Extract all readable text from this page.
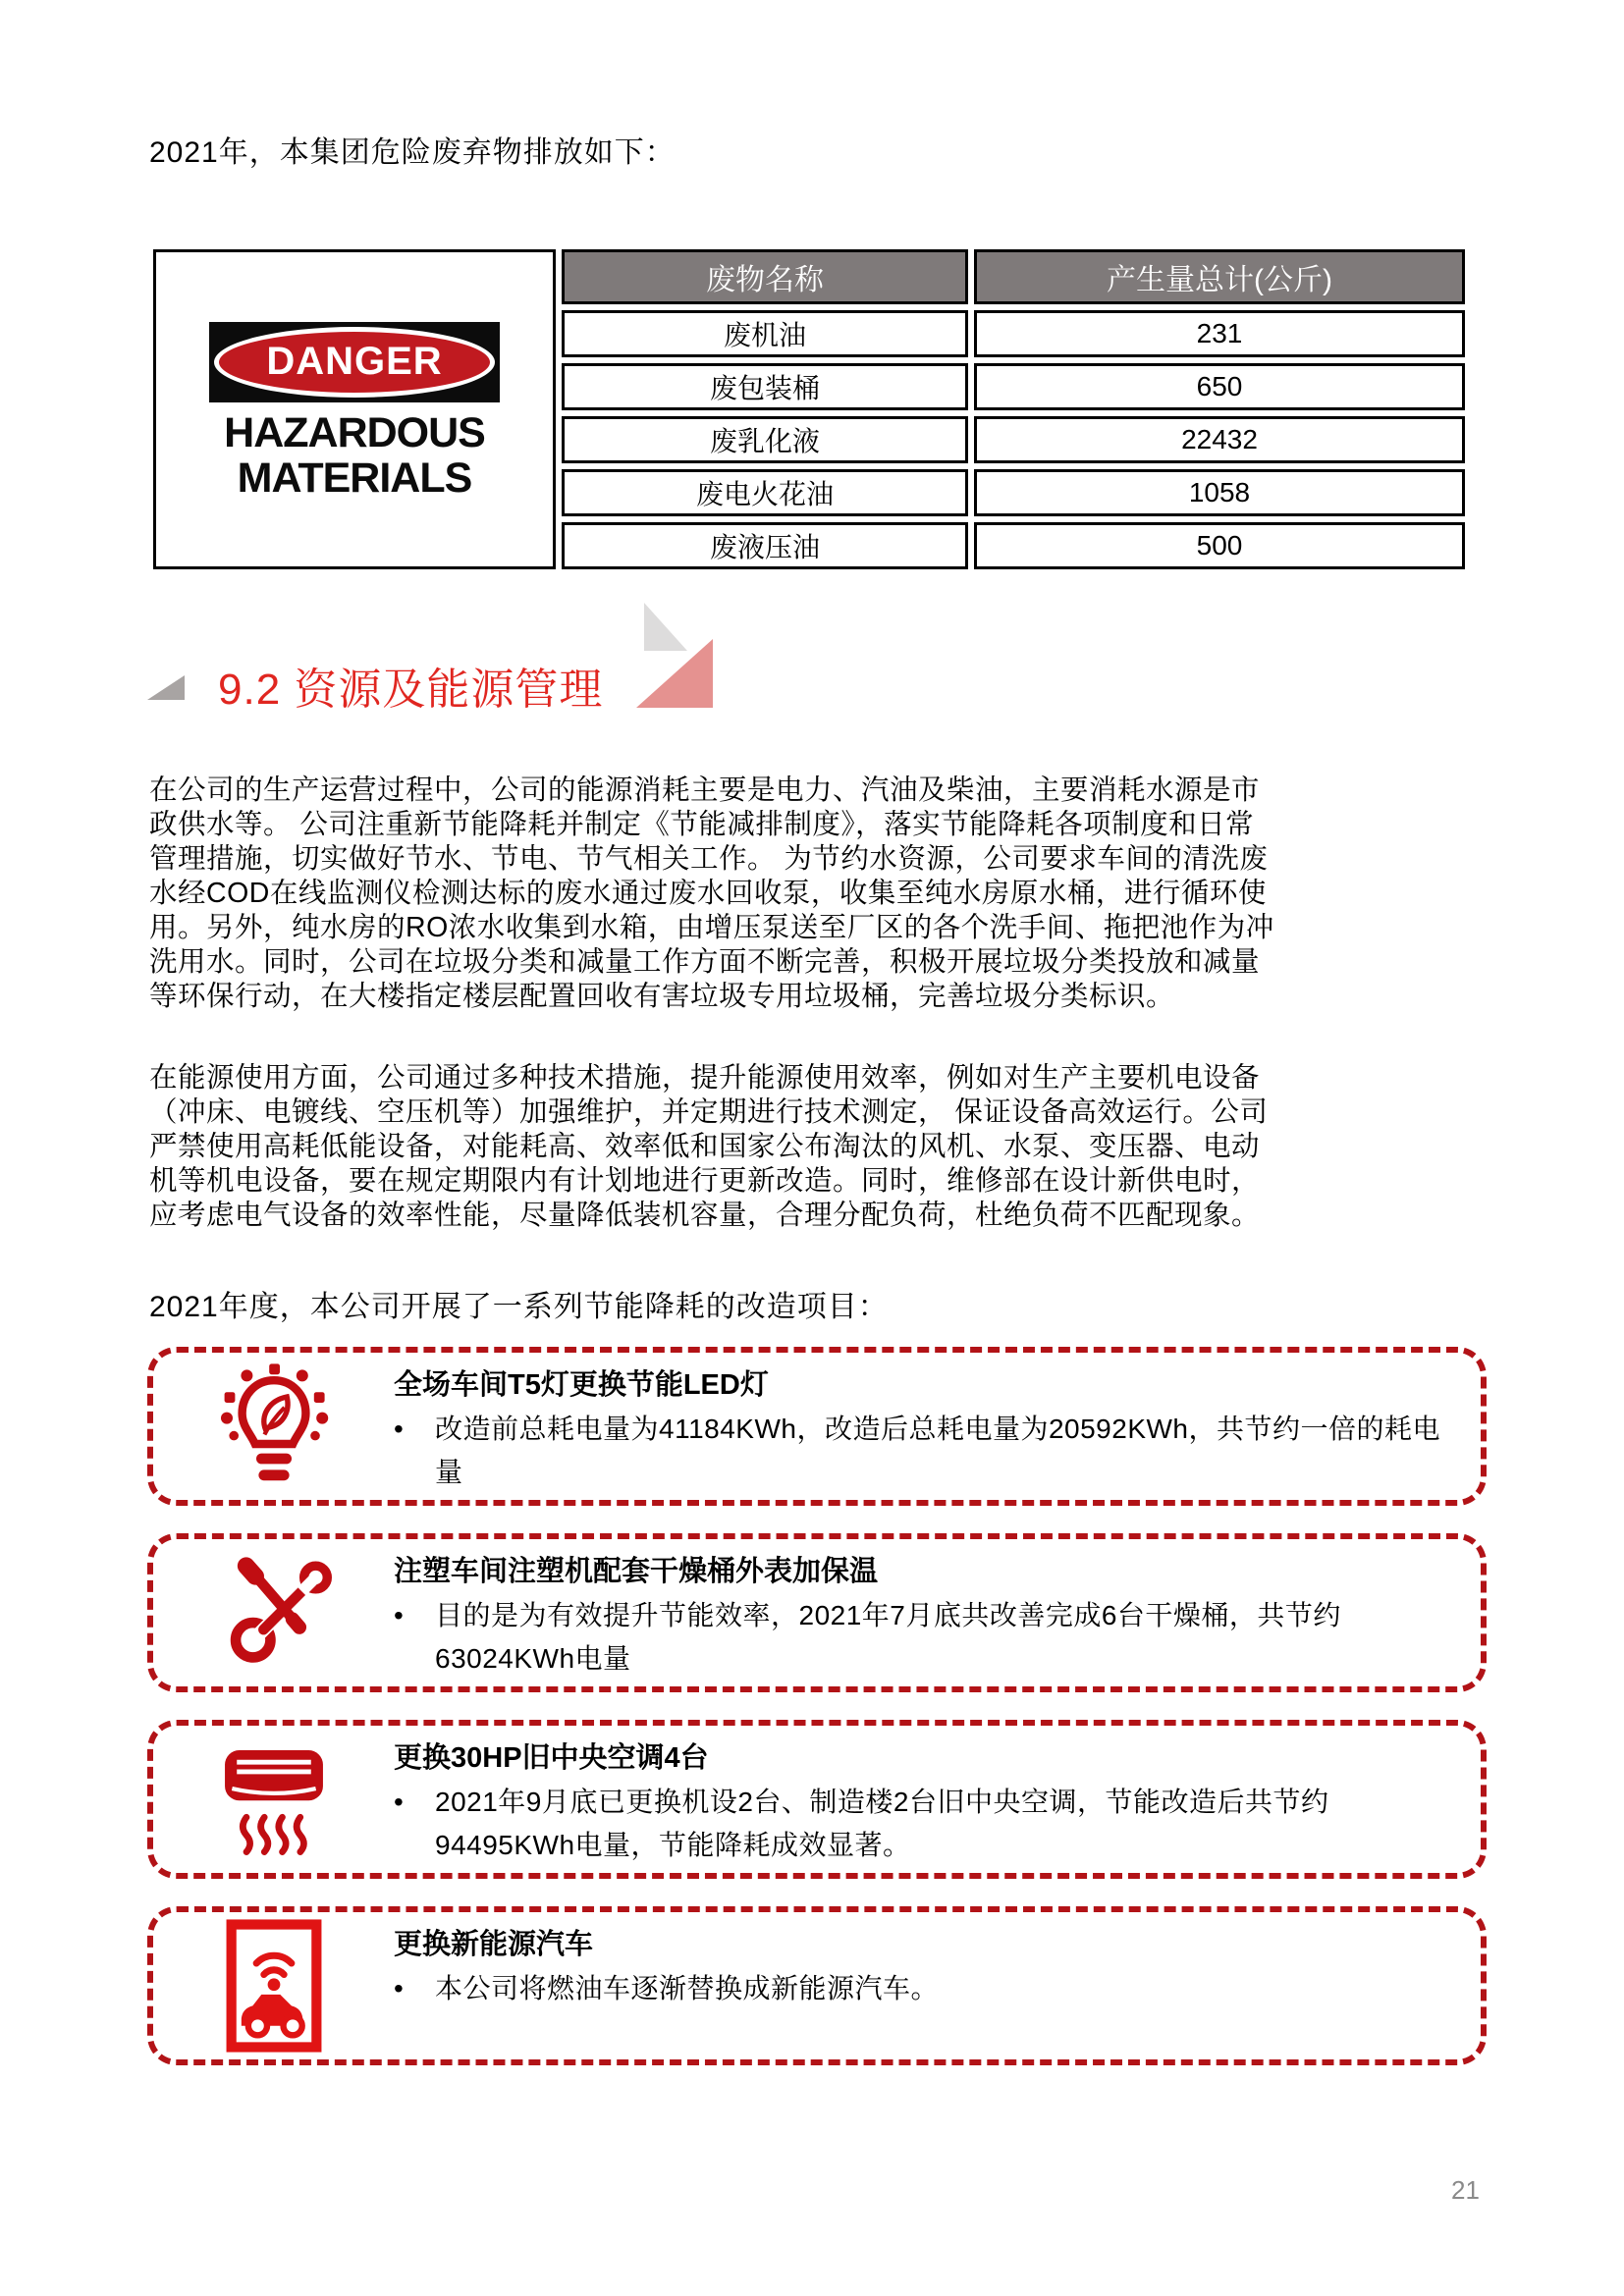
2021年，本集团危险废弃物排放如下：
DANGER
HAZARDOUS
MATERIALS	废物名称	产生量总计(公斤)
	废机油	231
	废包装桶	650
	废乳化液	22432
	废电火花油	1058
	废液压油	500
9.2 资源及能源管理
在公司的生产运营过程中，公司的能源消耗主要是电力、汽油及柴油，主要消耗水源是市
政供水等。 公司注重新节能降耗并制定《节能减排制度》，落实节能降耗各项制度和日常
管理措施，切实做好节水、节电、节气相关工作。 为节约水资源，公司要求车间的清洗废
水经COD在线监测仪检测达标的废水通过废水回收泵，收集至纯水房原水桶，进行循环使
用。另外，纯水房的RO浓水收集到水箱，由增压泵送至厂区的各个洗手间、拖把池作为冲
洗用水。同时，公司在垃圾分类和减量工作方面不断完善，积极开展垃圾分类投放和减量
等环保行动，在大楼指定楼层配置回收有害垃圾专用垃圾桶，完善垃圾分类标识。
在能源使用方面，公司通过多种技术措施，提升能源使用效率，例如对生产主要机电设备
（冲床、电镀线、空压机等）加强维护，并定期进行技术测定， 保证设备高效运行。公司
严禁使用高耗低能设备，对能耗高、效率低和国家公布淘汰的风机、水泵、变压器、电动
机等机电设备，要在规定期限内有计划地进行更新改造。同时，维修部在设计新供电时，
应考虑电气设备的效率性能，尽量降低装机容量，合理分配负荷，杜绝负荷不匹配现象。
2021年度，本公司开展了一系列节能降耗的改造项目：
全场车间T5灯更换节能LED灯
•	改造前总耗电量为41184KWh，改造后总耗电量为20592KWh，共节约一倍的耗电量
注塑车间注塑机配套干燥桶外表加保温
•	目的是为有效提升节能效率，2021年7月底共改善完成6台干燥桶，共节约63024KWh电量
更换30HP旧中央空调4台
•	2021年9月底已更换机设2台、制造楼2台旧中央空调，节能改造后共节约94495KWh电量，节能降耗成效显著。
更换新能源汽车
•	本公司将燃油车逐渐替换成新能源汽车。
21
